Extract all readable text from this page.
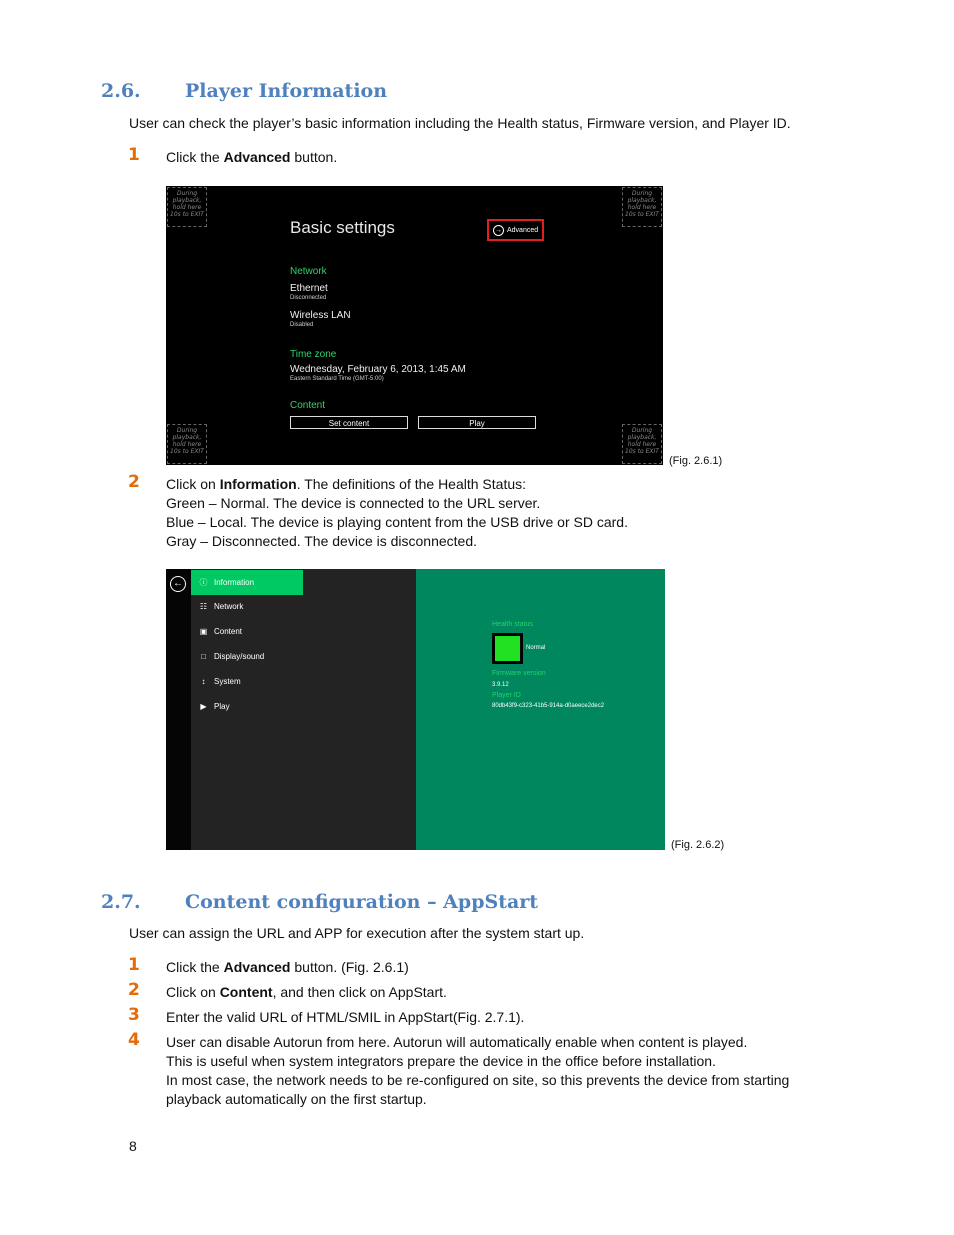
2.6. Player Information
User can check the player’s basic information including the Health status, Firmware version, and Player ID.
1 Click the Advanced button.
During
playback,
hold here
10s to EXIT
During
playback,
hold here
10s to EXIT
During
playback,
hold here
10s to EXIT
During
playback,
hold here
10s to EXIT
Basic settings	→ Advanced
Network
Ethernet
Disconnected
Wireless LAN
Disabled
Time zone
Wednesday, February 6, 2013, 1:45 AM
Eastern Standard Time (GMT-5:00)
Content
Set content	Play
(Fig. 2.6.1)
2 Click on Information. The definitions of the Health Status:
Green – Normal. The device is connected to the URL server.
Blue – Local. The device is playing content from the USB drive or SD card.
Gray – Disconnected. The device is disconnected.
←	ⓘ Information
☷ Network
▣ Content
□ Display/sound
↕	System
▶ Play
Health status
Normal
Firmware version
3.9.12
Player ID
80db43f9-c323-41b5-914a-d0aeece2dec2
(Fig. 2.6.2)
2.7. Content configuration – AppStart
User can assign the URL and APP for execution after the system start up.
1 Click the Advanced button. (Fig. 2.6.1)
2 Click on Content, and then click on AppStart.
3 Enter the valid URL of HTML/SMIL in AppStart(Fig. 2.7.1).
4 User can disable Autorun from here. Autorun will automatically enable when content is played.
This is useful when system integrators prepare the device in the office before installation.
In most case, the network needs to be re-configured on site, so this prevents the device from starting
playback automatically on the first startup.
8
